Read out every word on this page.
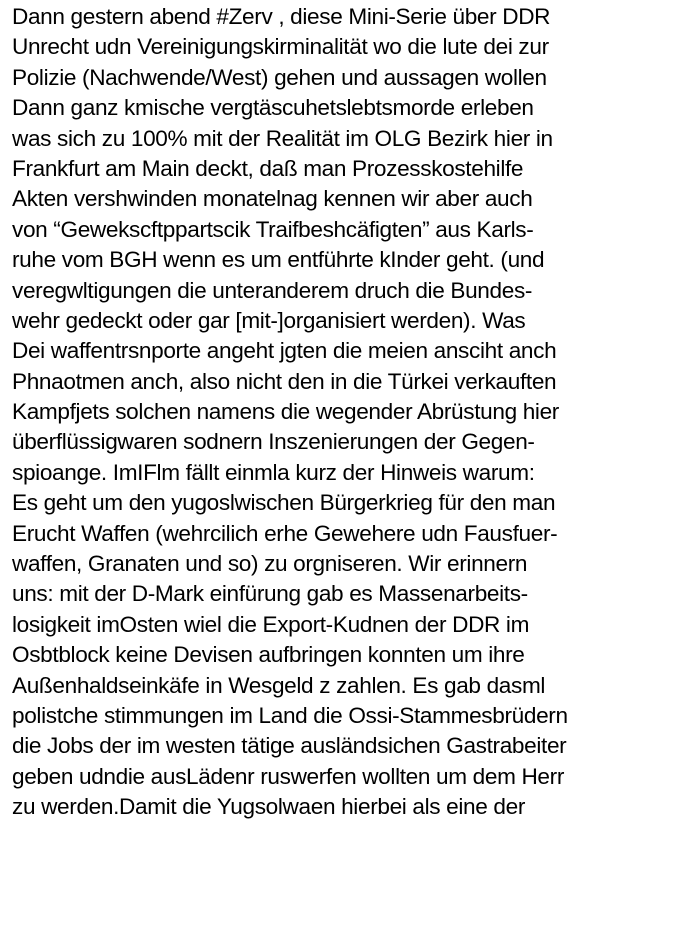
Dann gestern abend #Zerv , diese Mini-Serie über DDR
Unrecht udn Vereinigungskirminalität wo die lute dei zur
Polizie (Nachwende/West) gehen und aussagen wollen
Dann ganz kmische vergtäscuhetslebtsmorde erleben
was sich zu 100% mit der Realität im OLG Bezirk hier in
Frankfurt am Main deckt, daß man Prozesskostehilfe
Akten vershwinden monatelnag kennen wir aber auch
von “Gewekscftppartscik Traifbeshcäfigten” aus Karls-
ruhe vom BGH wenn es um entführte kInder geht. (und
veregwltigungen die unteranderem druch die Bundes-
wehr gedeckt oder gar [mit-]organisiert werden). Was
Dei waffentrsnporte angeht jgten die meien ansciht anch
Phnaotmen anch, also nicht den in die Türkei verkauften
Kampfjets solchen namens die wegender Abrüstung hier
überflüssigwaren sodnern Inszenierungen der Gegen-
spioange. ImIFlm fällt einmla kurz der Hinweis warum:
Es geht um den yugoslwischen Bürgerkrieg für den man
Erucht Waffen (wehrcilich erhe Gewehere udn Fausfuer-
waffen, Granaten und so) zu orgniseren. Wir erinnern
uns: mit der D-Mark einfürung gab es Massenarbeits-
losigkeit imOsten wiel die Export-Kudnen der DDR im
Osbtblock keine Devisen aufbringen konnten um ihre
Außenhaldseinkäfe in Wesgeld z zahlen. Es gab dasml
polistche stimmungen im Land die Ossi-Stammesbrüdern
die Jobs der im westen tätige ausländsichen Gastrabeiter
geben udndie ausLädenr ruswerfen wollten um dem Herr
zu werden.Damit die Yugsolwaen hierbei als eine der
